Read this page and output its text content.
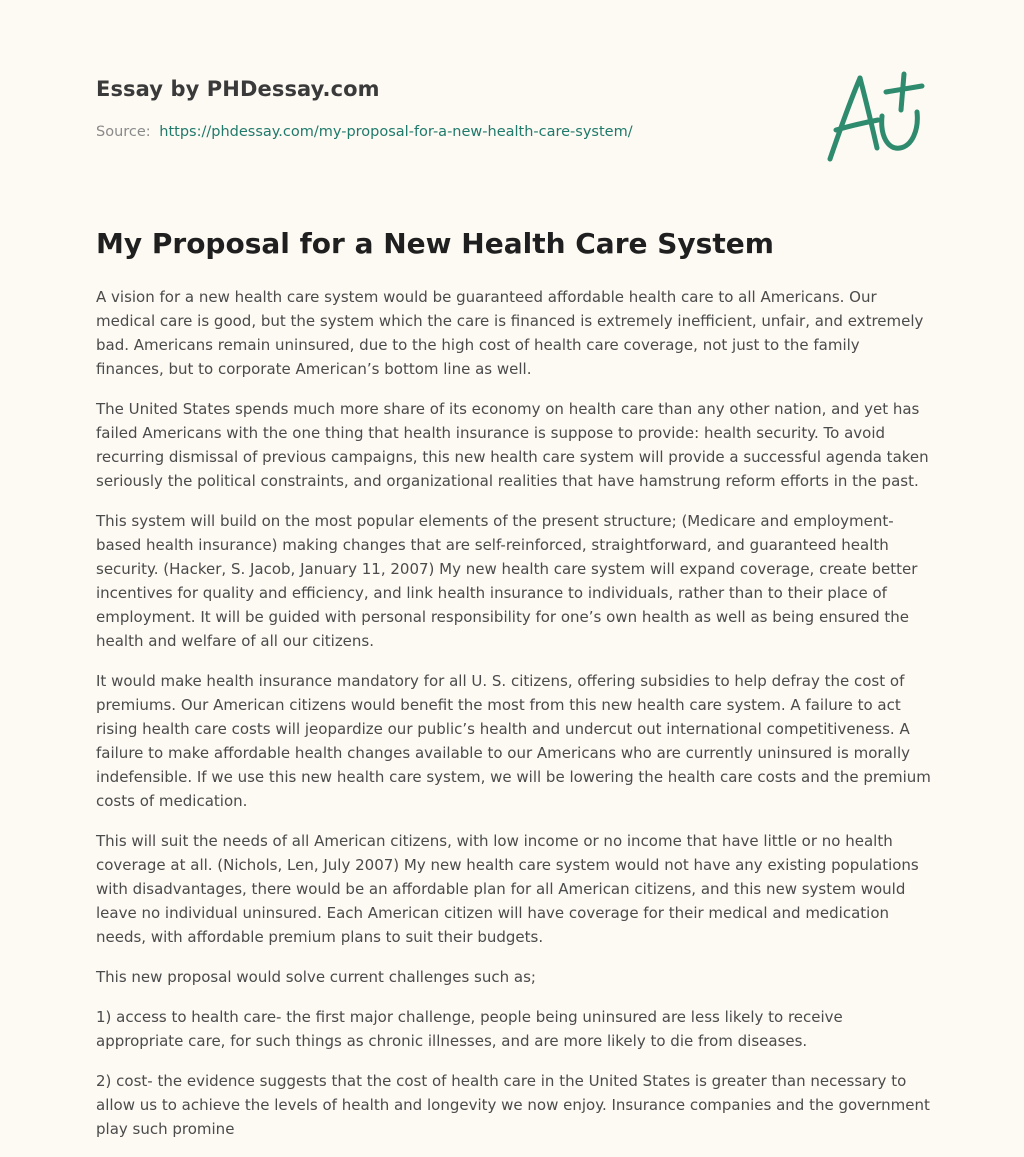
Essay by PHDessay.com
Source: https://phdessay.com/my-proposal-for-a-new-health-care-system/
My Proposal for a New Health Care System

A vision for a new health care system would be guaranteed affordable health care to all Americans. Our medical care is good, but the system which the care is financed is extremely inefficient, unfair, and extremely bad. Americans remain uninsured, due to the high cost of health care coverage, not just to the family finances, but to corporate American’s bottom line as well.

The United States spends much more share of its economy on health care than any other nation, and yet has failed Americans with the one thing that health insurance is suppose to provide: health security. To avoid recurring dismissal of previous campaigns, this new health care system will provide a successful agenda taken seriously the political constraints, and organizational realities that have hamstrung reform efforts in the past.

This system will build on the most popular elements of the present structure; (Medicare and employment-based health insurance) making changes that are self-reinforced, straightforward, and guaranteed health security. (Hacker, S. Jacob, January 11, 2007) My new health care system will expand coverage, create better incentives for quality and efficiency, and link health insurance to individuals, rather than to their place of employment. It will be guided with personal responsibility for one’s own health as well as being ensured the health and welfare of all our citizens.

It would make health insurance mandatory for all U. S. citizens, offering subsidies to help defray the cost of premiums. Our American citizens would benefit the most from this new health care system. A failure to act rising health care costs will jeopardize our public’s health and undercut out international competitiveness. A failure to make affordable health changes available to our Americans who are currently uninsured is morally indefensible. If we use this new health care system, we will be lowering the health care costs and the premium costs of medication.

This will suit the needs of all American citizens, with low income or no income that have little or no health coverage at all. (Nichols, Len, July 2007) My new health care system would not have any existing populations with disadvantages, there would be an affordable plan for all American citizens, and this new system would leave no individual uninsured. Each American citizen will have coverage for their medical and medication needs, with affordable premium plans to suit their budgets.

This new proposal would solve current challenges such as;

1) access to health care- the first major challenge, people being uninsured are less likely to receive appropriate care, for such things as chronic illnesses, and are more likely to die from diseases.

2) cost- the evidence suggests that the cost of health care in the United States is greater than necessary to allow us to achieve the levels of health and longevity we now enjoy. Insurance companies and the government play such promine
